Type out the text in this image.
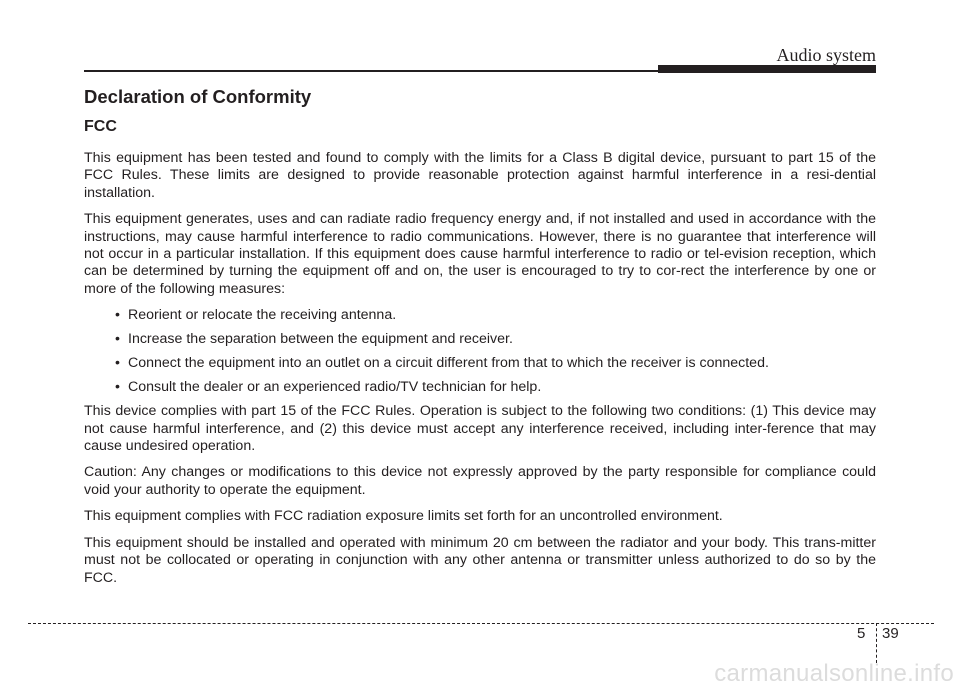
Audio system
Declaration of Conformity
FCC

This equipment has been tested and found to comply with the limits for a Class B digital device, pursuant to part 15 of the FCC Rules. These limits are designed to provide reasonable protection against harmful interference in a resi-dential installation.

This equipment generates, uses and can radiate radio frequency energy and, if not installed and used in accordance with the instructions, may cause harmful interference to radio communications. However, there is no guarantee that interference will not occur in a particular installation. If this equipment does cause harmful interference to radio or tel-evision reception, which can be determined by turning the equipment off and on, the user is encouraged to try to cor-rect the interference by one or more of the following measures:

• Reorient or relocate the receiving antenna.
• Increase the separation between the equipment and receiver.
• Connect the equipment into an outlet on a circuit different from that to which the receiver is connected.
• Consult the dealer or an experienced radio/TV technician for help.

This device complies with part 15 of the FCC Rules. Operation is subject to the following two conditions: (1) This device may not cause harmful interference, and (2) this device must accept any interference received, including inter-ference that may cause undesired operation.

Caution: Any changes or modifications to this device not expressly approved by the party responsible for compliance could void your authority to operate the equipment.

This equipment complies with FCC radiation exposure limits set forth for an uncontrolled environment.

This equipment should be installed and operated with minimum 20 cm between the radiator and your body. This trans-mitter must not be collocated or operating in conjunction with any other antenna or transmitter unless authorized to do so by the FCC.

5 39
carmanualsonline.info
